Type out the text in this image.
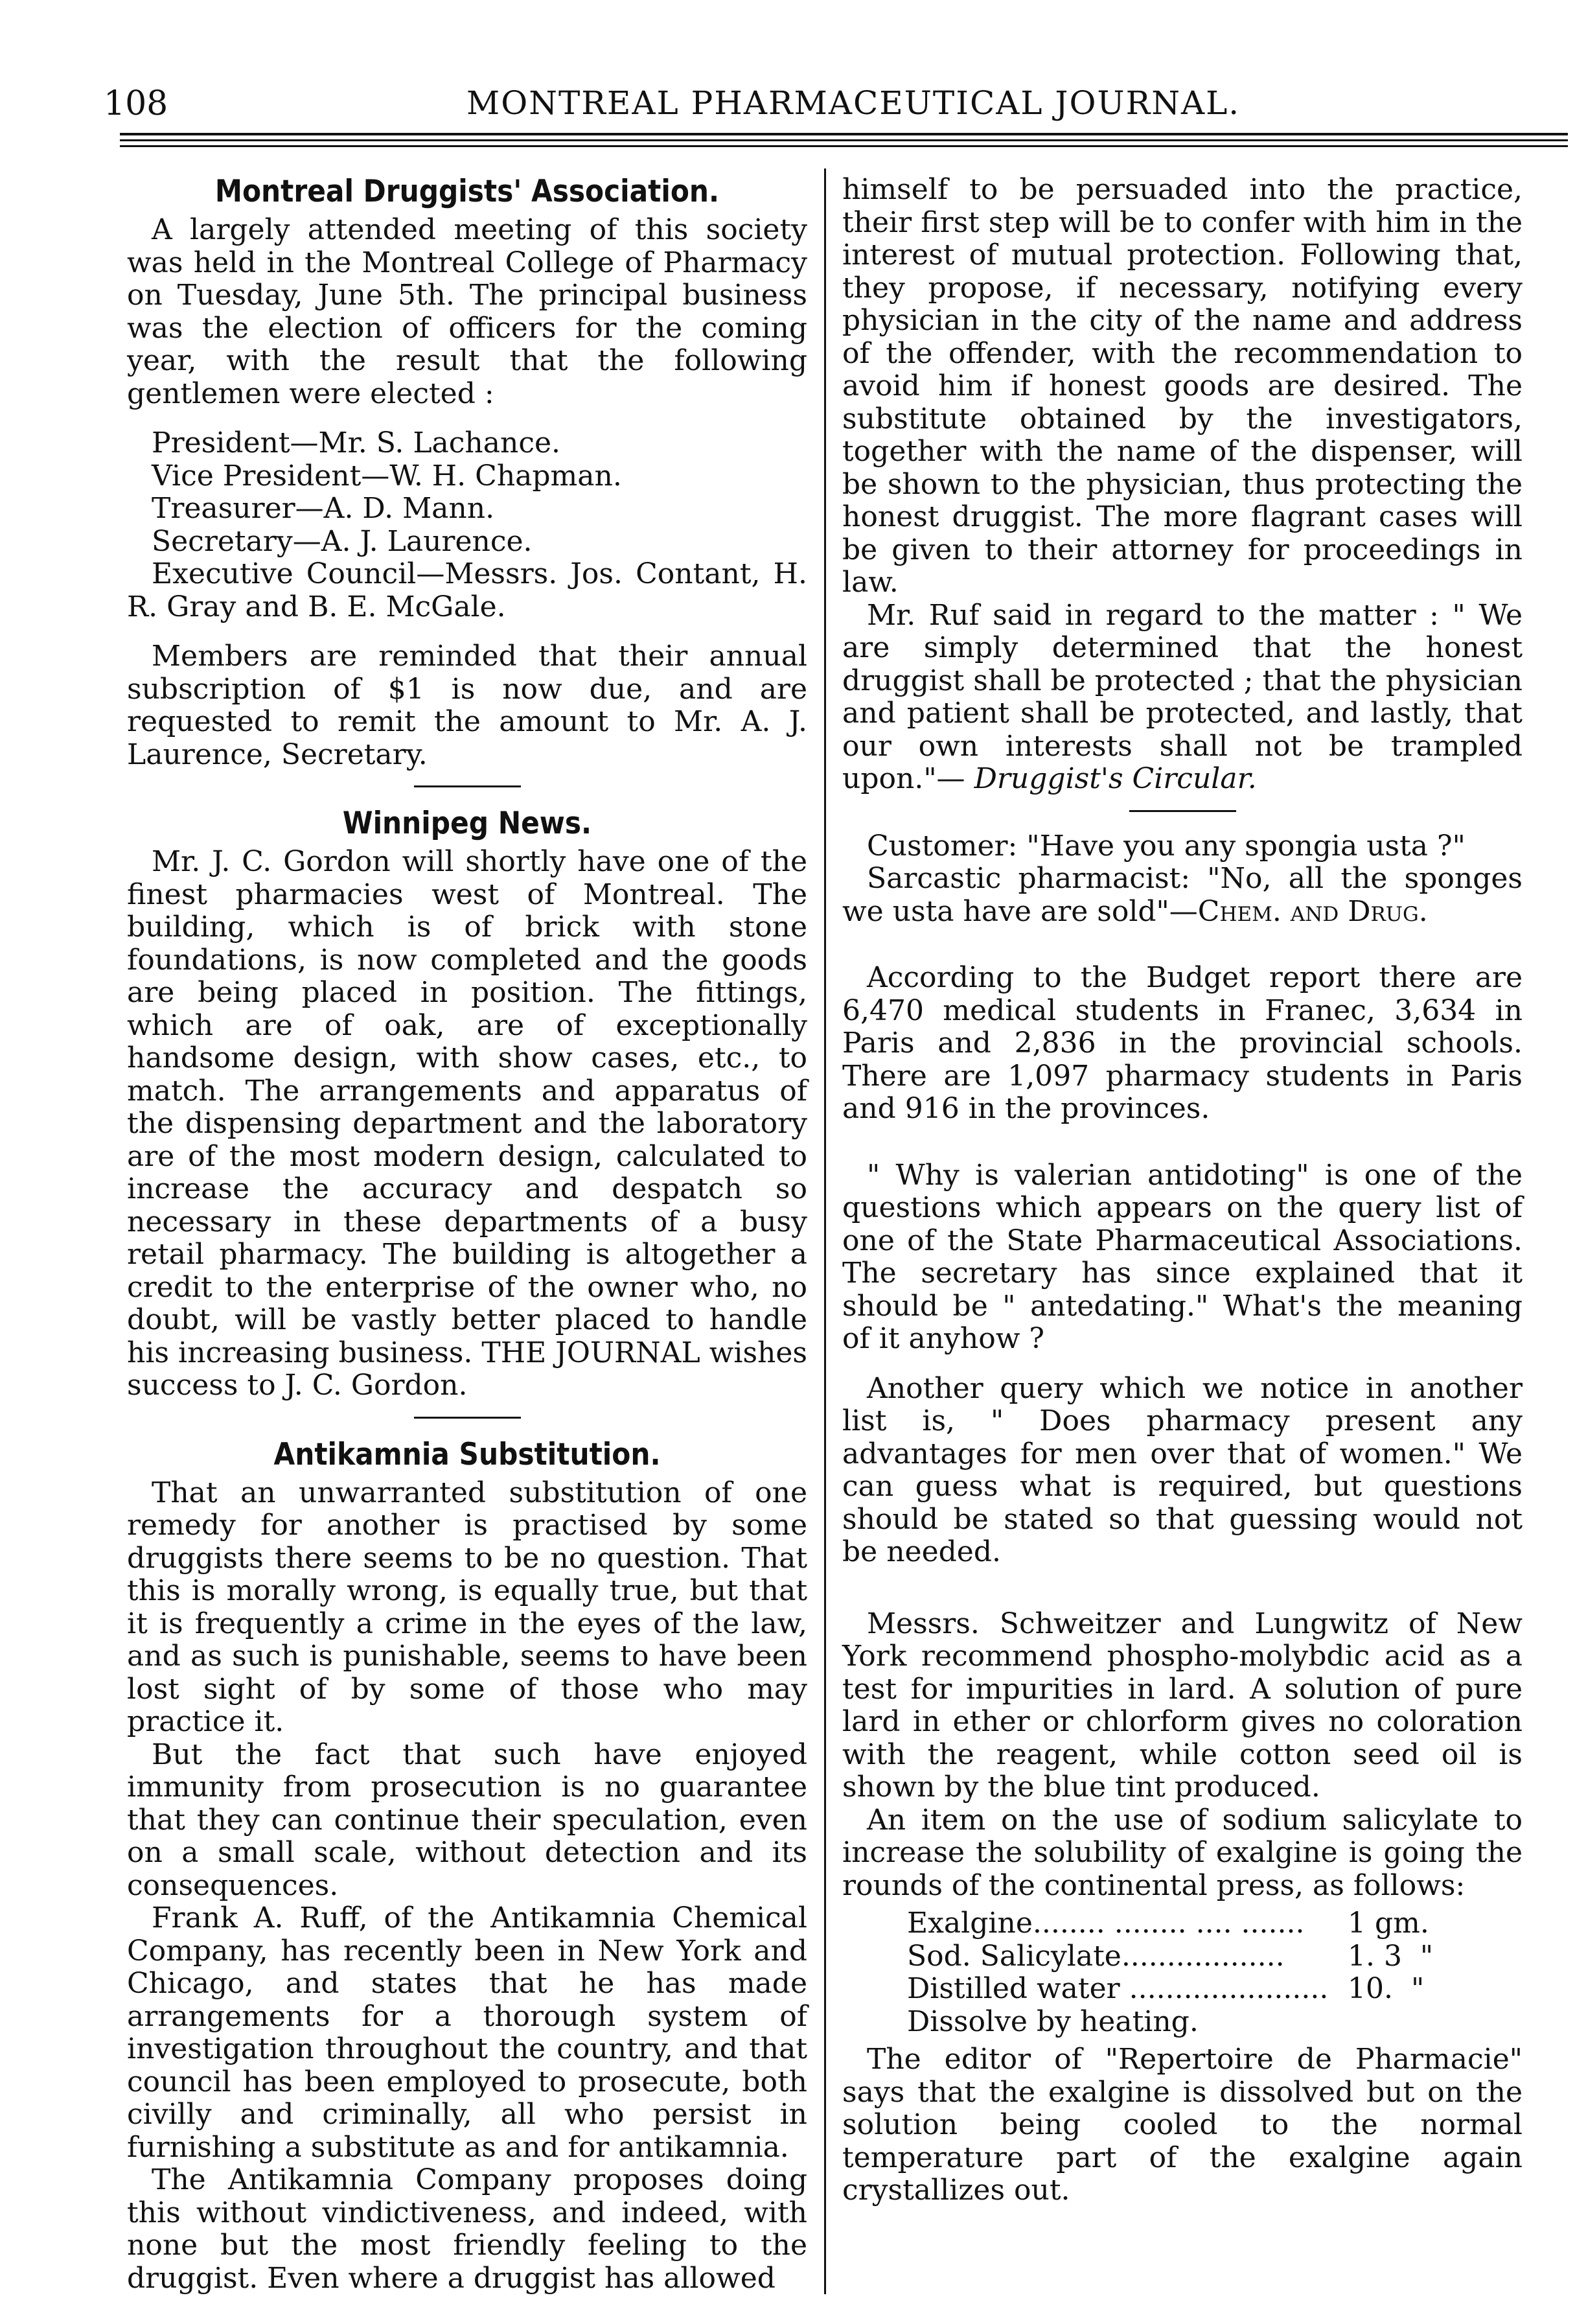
108	MONTREAL PHARMACEUTICAL JOURNAL.
Montreal Druggists' Association.

A largely attended meeting of this society was held in the Montreal College of Pharmacy on Tuesday, June 5th. The principal business was the election of officers for the coming year, with the result that the following gentlemen were elected :

President—Mr. S. Lachance.
Vice President—W. H. Chapman.
Treasurer—A. D. Mann.
Secretary—A. J. Laurence.
Executive Council—Messrs. Jos. Contant, H. R. Gray and B. E. McGale.

Members are reminded that their annual subscription of $1 is now due, and are requested to remit the amount to Mr. A. J. Laurence, Secretary.

Winnipeg News.

Mr. J. C. Gordon will shortly have one of the finest pharmacies west of Montreal. The building, which is of brick with stone foundations, is now completed and the goods are being placed in position. The fittings, which are of oak, are of exceptionally handsome design, with show cases, etc., to match. The arrangements and apparatus of the dispensing department and the laboratory are of the most modern design, calculated to increase the accuracy and despatch so necessary in these departments of a busy retail pharmacy. The building is altogether a credit to the enterprise of the owner who, no doubt, will be vastly better placed to handle his increasing business. THE JOURNAL wishes success to J. C. Gordon.

Antikamnia Substitution.

That an unwarranted substitution of one remedy for another is practised by some druggists there seems to be no question. That this is morally wrong, is equally true, but that it is frequently a crime in the eyes of the law, and as such is punishable, seems to have been lost sight of by some of those who may practice it.

But the fact that such have enjoyed immunity from prosecution is no guarantee that they can continue their speculation, even on a small scale, without detection and its consequences.

Frank A. Ruff, of the Antikamnia Chemical Company, has recently been in New York and Chicago, and states that he has made arrangements for a thorough system of investigation throughout the country, and that council has been employed to prosecute, both civilly and criminally, all who persist in furnishing a substitute as and for antikamnia.

The Antikamnia Company proposes doing this without vindictiveness, and indeed, with none but the most friendly feeling to the druggist. Even where a druggist has allowed

himself to be persuaded into the practice, their first step will be to confer with him in the interest of mutual protection. Following that, they propose, if necessary, notifying every physician in the city of the name and address of the offender, with the recommendation to avoid him if honest goods are desired. The substitute obtained by the investigators, together with the name of the dispenser, will be shown to the physician, thus protecting the honest druggist. The more flagrant cases will be given to their attorney for proceedings in law.

Mr. Ruf said in regard to the matter : " We are simply determined that the honest druggist shall be protected ; that the physician and patient shall be protected, and lastly, that our own interests shall not be trampled upon."— Druggist's Circular.

Customer: "Have you any spongia usta ?"

Sarcastic pharmacist: "No, all the sponges we usta have are sold"—Chem. and Drug.

According to the Budget report there are 6,470 medical students in Franec, 3,634 in Paris and 2,836 in the provincial schools. There are 1,097 pharmacy students in Paris and 916 in the provinces.

" Why is valerian antidoting" is one of the questions which appears on the query list of one of the State Pharmaceutical Associations. The secretary has since explained that it should be " antedating." What's the meaning of it anyhow ?

Another query which we notice in another list is, " Does pharmacy present any advantages for men over that of women." We can guess what is required, but questions should be stated so that guessing would not be needed.

Messrs. Schweitzer and Lungwitz of New York recommend phospho-molybdic acid as a test for impurities in lard. A solution of pure lard in ether or chlorform gives no coloration with the reagent, while cotton seed oil is shown by the blue tint produced.

An item on the use of sodium salicylate to increase the solubility of exalgine is going the rounds of the continental press, as follows:

Exalgine........ ........ .... ....... 1 gm.
Sod. Salicylate.................. 1. 3  "
Distilled water ...................... 10.  "
Dissolve by heating.

The editor of "Repertoire de Pharmacie" says that the exalgine is dissolved but on the solution being cooled to the normal temperature part of the exalgine again crystallizes out.
